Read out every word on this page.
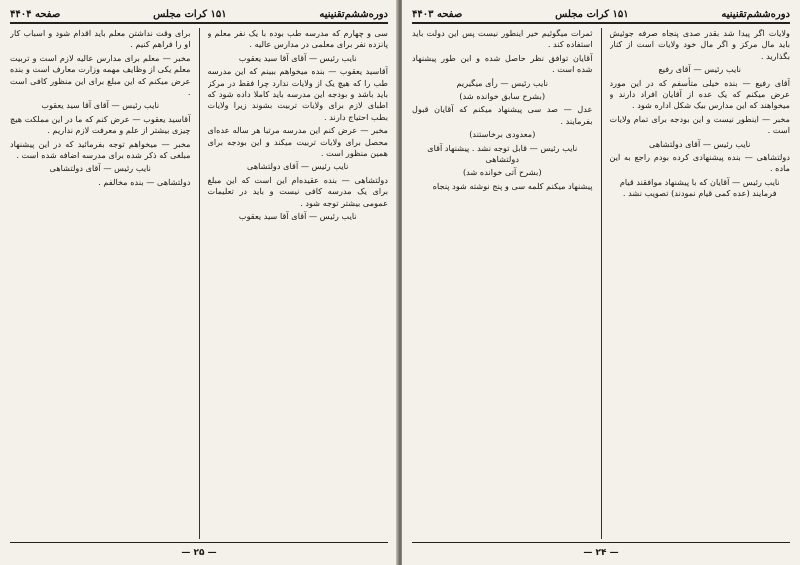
دوره‌ششم‌تقنینیه
۱۵۱ کرات مجلس
صفحه ۴۴۰۴

سی و چهارم که مدرسه طب بوده با یک نفر معلم و پانزده نفر برای معلمی در مدارس عالیه .

نایب رئیس — آقای آقا سید یعقوب

آقاسید یعقوب — بنده میخواهم ببینم که این مدرسه طب را که هیچ یک از ولایات ندارد چرا فقط در مرکز باید باشد و بودجه این مدرسه باید کاملا داده شود که اطبای لازم برای ولایات تربیت بشوند زیرا ولایات بطب احتیاج دارند .

مخبر — عرض کنم این مدرسه مرتبا هر ساله عده‌ای محصل برای ولایات تربیت میکند و این بودجه برای همین منظور است .

نایب رئیس — آقای دولتشاهی

دولتشاهی — بنده عقیده‌ام این است که این مبلغ برای یک مدرسه کافی نیست و باید در تعلیمات عمومی بیشتر توجه شود .

نایب رئیس — آقای آقا سید یعقوب

برای وقت نداشتن معلم باید اقدام شود و اسباب کار او را فراهم کنیم .

مخبر — معلم برای مدارس عالیه لازم است و تربیت معلم یکی از وظایف مهمه وزارت معارف است و بنده عرض میکنم که این مبلغ برای این منظور کافی است .

نایب رئیس — آقای آقا سید یعقوب

آقاسید یعقوب — عرض کنم که ما در این مملکت هیچ چیزی بیشتر از علم و معرفت لازم نداریم .

مخبر — میخواهم توجه بفرمائید که در این پیشنهاد مبلغی که ذکر شده برای مدرسه اضافه شده است .

نایب رئیس — آقای دولتشاهی

دولتشاهی — بنده مخالفم .

— ۲۵ —
دوره‌ششم‌تقنینیه
۱۵۱ کرات مجلس
صفحه ۴۴۰۳

ولایات اگر پیدا شد بقدر صدی پنجاه صرفه جوئیش باید مال مرکز و اگر مال خود ولایات است از کنار بگذارید .

نایب رئیس — آقای رفیع

آقای رفیع — بنده خیلی متأسفم که در این مورد عرض میکنم که یک عده از آقایان افراد دارند و میخواهند که این مدارس بیک شکل اداره شود .

مخبر — اینطور نیست و این بودجه برای تمام ولایات است .

نایب رئیس — آقای دولتشاهی

دولتشاهی — بنده پیشنهادی کرده بودم راجع به این ماده .

نایب رئیس — آقایان که با پیشنهاد موافقند قیام فرمایند (عده کمی قیام نمودند) تصویب نشد .

ثمرات میگوئیم خیر اینطور نیست پس این دولت باید استفاده کند .

آقایان توافق نظر حاصل شده و این طور پیشنهاد شده است .

نایب رئیس — رأی میگیریم

(بشرح سابق خوانده شد)

عدل — صد سی پیشنهاد میکنم که آقایان قبول بفرمایند .

(معدودی برخاستند)

نایب رئیس — قابل توجه نشد . پیشنهاد آقای دولتشاهی

(بشرح آتی خوانده شد)

پیشنهاد میکنم کلمه سی و پنج نوشته شود پنجاه

— ۲۴ —
